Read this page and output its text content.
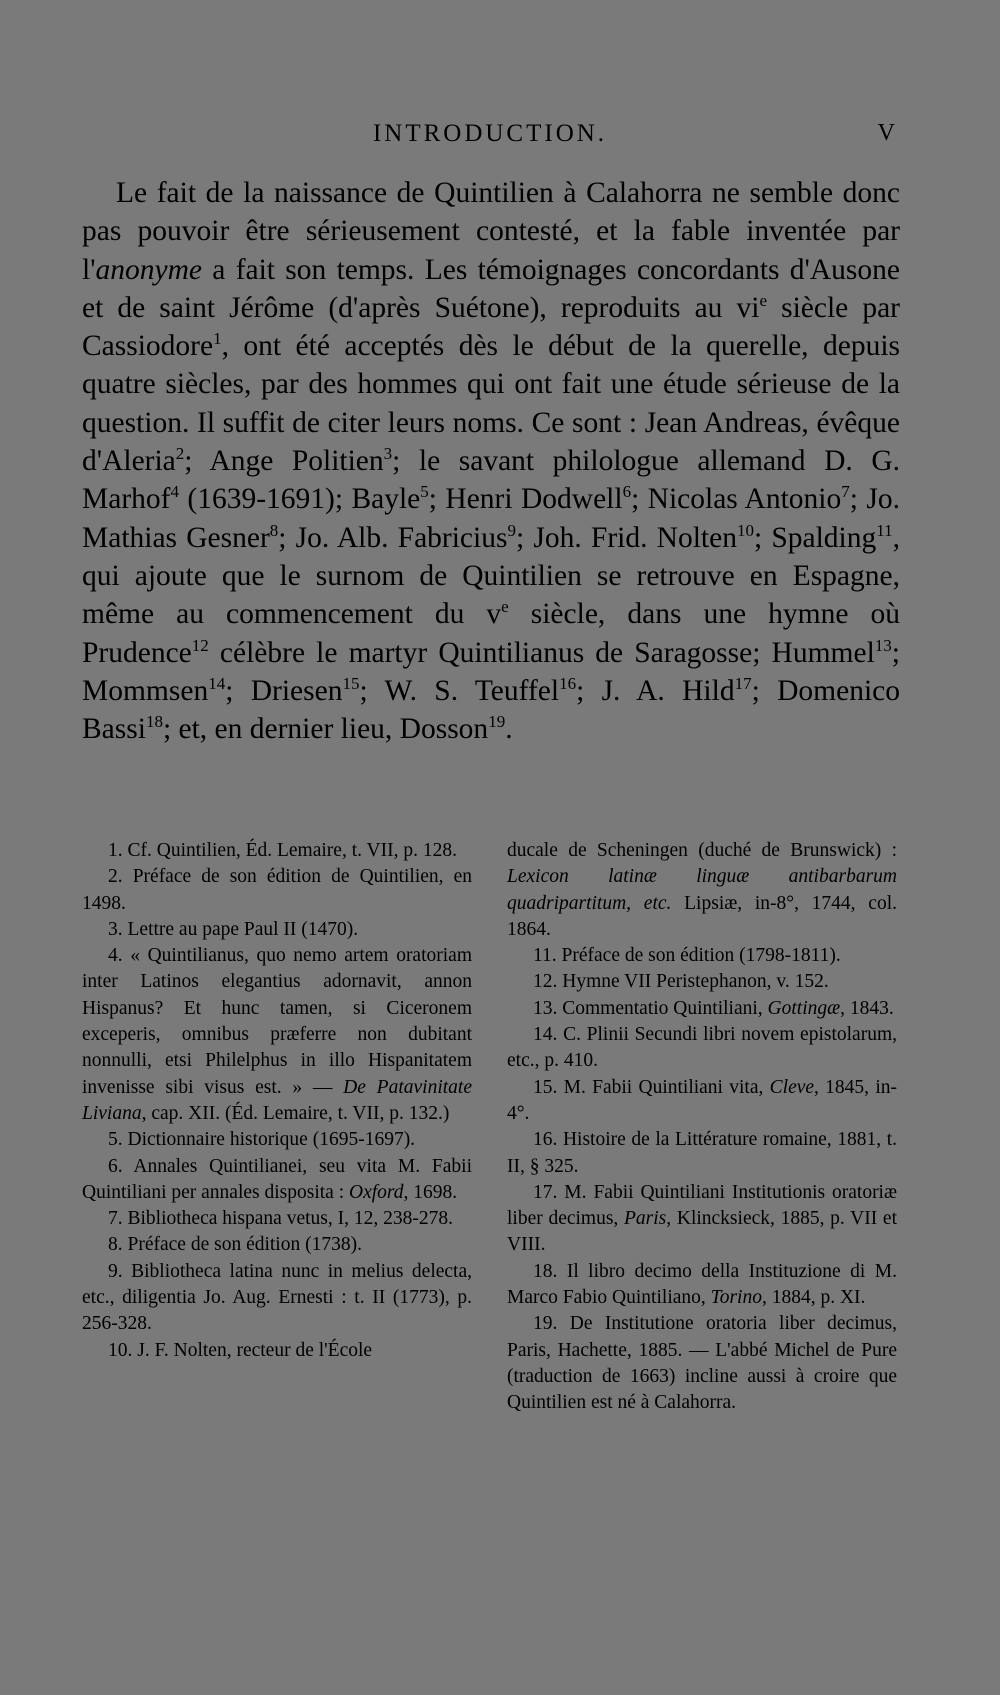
INTRODUCTION.	V

Le fait de la naissance de Quintilien à Calahorra ne semble donc pas pouvoir être sérieusement contesté, et la fable inventée par l'anonyme a fait son temps. Les témoignages concordants d'Ausone et de saint Jérôme (d'après Suétone), reproduits au $vi^e$ siècle par Cassiodore$^1$, ont été acceptés dès le début de la querelle, depuis quatre siècles, par des hommes qui ont fait une étude sérieuse de la question. Il suffit de citer leurs noms. Ce sont : Jean Andreas, évêque d'Aleria$^2$; Ange Politien$^3$; le savant philologue allemand D. G. Marhof$^4$ (1639-1691); Bayle$^5$; Henri Dodwell$^6$; Nicolas Antonio$^7$; Jo. Mathias Gesner$^8$; Jo. Alb. Fabricius$^9$; Joh. Frid. Nolten$^{10}$; Spalding$^{11}$, qui ajoute que le surnom de Quintilien se retrouve en Espagne, même au commencement du $v^e$ siècle, dans une hymne où Prudence$^{12}$ célèbre le martyr Quintilianus de Saragosse; Hummel$^{13}$; Mommsen$^{14}$; Driesen$^{15}$; W. S. Teuffel$^{16}$; J. A. Hild$^{17}$; Domenico Bassi$^{18}$; et, en dernier lieu, Dosson$^{19}$.

1. Cf. Quintilien, Éd. Lemaire, t. VII, p. 128.

2. Préface de son édition de Quintilien, en 1498.

3. Lettre au pape Paul II (1470).

4. « Quintilianus, quo nemo artem oratoriam inter Latinos elegantius adornavit, annon Hispanus? Et hunc tamen, si Ciceronem exceperis, omnibus præferre non dubitant nonnulli, etsi Philelphus in illo Hispanitatem invenisse sibi visus est. » — De Patavinitate Liviana, cap. XII. (Éd. Lemaire, t. VII, p. 132.)

5. Dictionnaire historique (1695-1697).

6. Annales Quintilianei, seu vita M. Fabii Quintiliani per annales disposita : Oxford, 1698.

7. Bibliotheca hispana vetus, I, 12, 238-278.

8. Préface de son édition (1738).

9. Bibliotheca latina nunc in melius delecta, etc., diligentia Jo. Aug. Ernesti : t. II (1773), p. 256-328.

10. J. F. Nolten, recteur de l'École

ducale de Scheningen (duché de Brunswick) : Lexicon latinæ linguæ antibarbarum quadripartitum, etc. Lipsiæ, in-8°, 1744, col. 1864.

11. Préface de son édition (1798-1811).

12. Hymne VII Peristephanon, v. 152.

13. Commentatio Quintiliani, Gottingæ, 1843.

14. C. Plinii Secundi libri novem epistolarum, etc., p. 410.

15. M. Fabii Quintiliani vita, Cleve, 1845, in-4°.

16. Histoire de la Littérature romaine, 1881, t. II, § 325.

17. M. Fabii Quintiliani Institutionis oratoriæ liber decimus, Paris, Klincksieck, 1885, p. VII et VIII.

18. Il libro decimo della Instituzione di M. Marco Fabio Quintiliano, Torino, 1884, p. XI.

19. De Institutione oratoria liber decimus, Paris, Hachette, 1885. — L'abbé Michel de Pure (traduction de 1663) incline aussi à croire que Quintilien est né à Calahorra.
